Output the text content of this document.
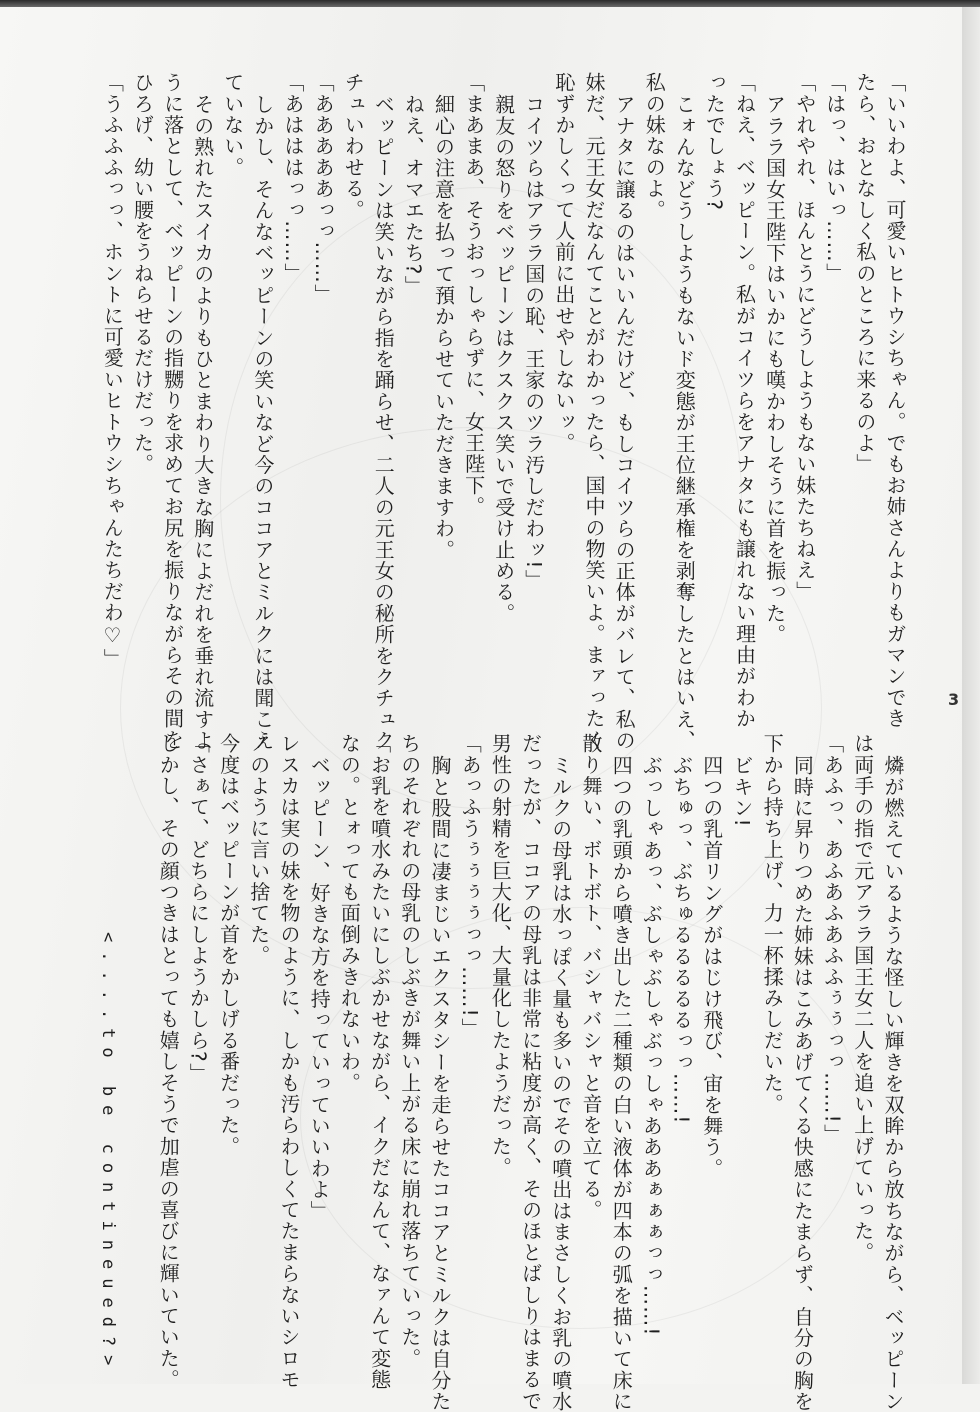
3
<....to be contineued?>
「いいわよ、可愛いヒトウシちゃん。でもお姉さんよりもガマンでき
たら、おとなしく私のところに来るのよ」
「はっ、はいっ……」
「やれやれ、ほんとうにどうしようもない妹たちねえ」
アララ国女王陛下はいかにも嘆かわしそうに首を振った。
「ねえ、ベッピーン。私がコイツらをアナタにも譲れない理由がわか
ったでしょう?
こォんなどうしようもないド変態が王位継承権を剥奪したとはいえ、
私の妹なのよ。
アナタに譲るのはいいんだけど、もしコイツらの正体がバレて、私の
妹だ、元王女だなんてことがわかったら、国中の物笑いよ。まァったく
恥ずかしくって人前に出せやしないッ。
コイツらはアララ国の恥、王家のツラ汚しだわッ!」
親友の怒りをベッピーンはクスクス笑いで受け止める。
「まあまあ、そうおっしゃらずに、女王陛下。
細心の注意を払って預からせていただきますわ。
ねえ、オマエたち?」
ベッピーンは笑いながら指を踊らせ、二人の元王女の秘所をクチュク
チュいわせる。
「あああああっっ……」
「あはははっっ……」
しかし、そんなベッピーンの笑いなど今のココアとミルクには聞こえ
ていない。
その熟れたスイカのよりもひとまわり大きな胸によだれを垂れ流すよ
うに落として、ベッピーンの指嬲りを求めてお尻を振りながらその間を
ひろげ、幼い腰をうねらせるだけだった。
「うふふふっっ、ホントに可愛いヒトウシちゃんたちだわ♡」
燐が燃えているような怪しい輝きを双眸から放ちながら、ベッピーン
は両手の指で元アララ国王女二人を追い上げていった。
「あふっ、あふあふあふふぅぅっっ……!」
同時に昇りつめた姉妹はこみあげてくる快感にたまらず、自分の胸を
下から持ち上げ、力一杯揉みしだいた。
ビキン!
四つの乳首リングがはじけ飛び、宙を舞う。
ぶちゅっ、ぶちゅるるるるるっっ……!
ぶっしゃあっ、ぶしゃぶしゃぶっしゃあああぁぁぁっっ……!
四つの乳頭から噴き出した二種類の白い液体が四本の弧を描いて床に
散り舞い、ボトボト、バシャバシャと音を立てる。
ミルクの母乳は水っぽく量も多いのでその噴出はまさしくお乳の噴水
だったが、ココアの母乳は非常に粘度が高く、そのほとばしりはまるで
男性の射精を巨大化、大量化したようだった。
「あっふうぅぅぅぅっっ……!」
胸と股間に凄まじいエクスタシーを走らせたココアとミルクは自分た
ちのそれぞれの母乳のしぶきが舞い上がる床に崩れ落ちていった。
「お乳を噴水みたいにしぶかせながら、イクだなんて、なァんて変態
なの。とォっても面倒みきれないわ。
ベッピーン、好きな方を持っていっていいわよ」
レスカは実の妹を物のように、しかも汚らわしくてたまらないシロモ
ノのように言い捨てた。
今度はベッピーンが首をかしげる番だった。
「さぁて、どちらにしようかしら?」
しかし、その顔つきはとっても嬉しそうで加虐の喜びに輝いていた。
